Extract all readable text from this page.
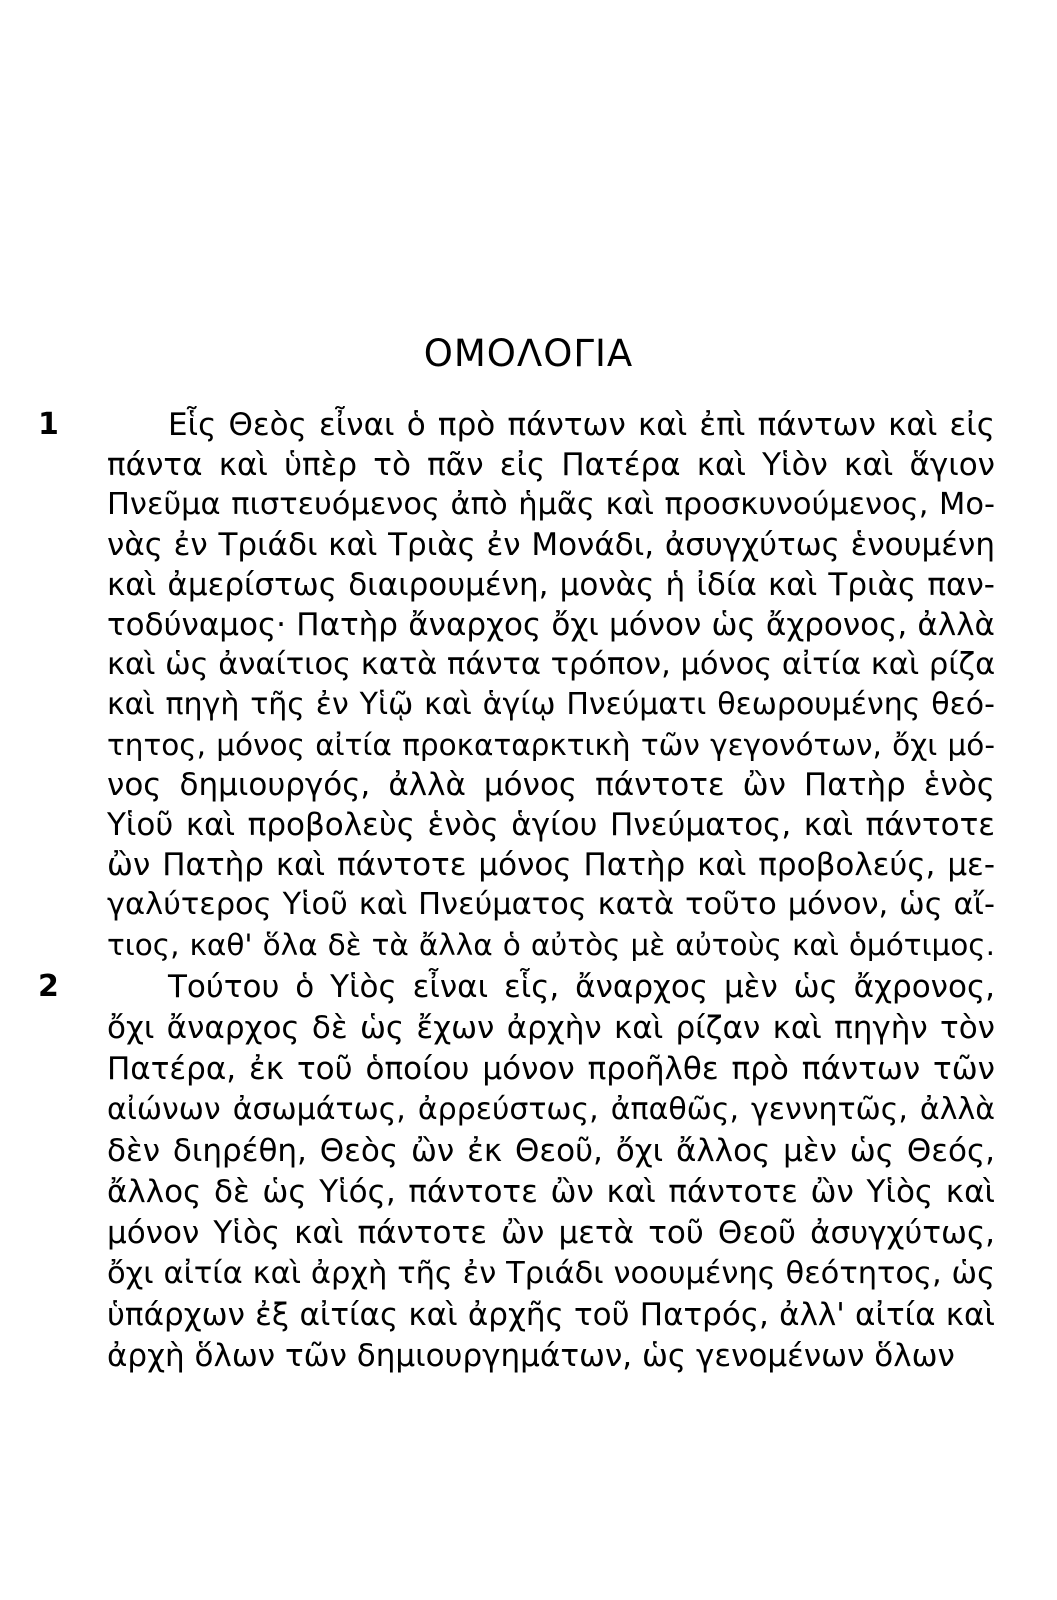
ΟΜΟΛΟΓΙΑ
1	Εἷς Θεὸς εἶναι ὁ πρὸ πάντων καὶ ἐπὶ πάντων καὶ εἰς
πάντα καὶ ὑπὲρ τὸ πᾶν εἰς Πατέρα καὶ Υἱὸν καὶ ἅγιον
Πνεῦμα πιστευόμενος ἀπὸ ἡμᾶς καὶ προσκυνούμενος, Μο-
νὰς ἐν Τριάδι καὶ Τριὰς ἐν Μονάδι, ἀσυγχύτως ἑνουμένη
καὶ ἀμερίστως διαιρουμένη, μονὰς ἡ ἰδία καὶ Τριὰς παν-
τοδύναμος· Πατὴρ ἄναρχος ὄχι μόνον ὡς ἄχρονος, ἀλλὰ
καὶ ὡς ἀναίτιος κατὰ πάντα τρόπον, μόνος αἰτία καὶ ρίζα
καὶ πηγὴ τῆς ἐν Υἱῷ καὶ ἁγίῳ Πνεύματι θεωρουμένης θεό-
τητος, μόνος αἰτία προκαταρκτικὴ τῶν γεγονότων, ὄχι μό-
νος δημιουργός, ἀλλὰ μόνος πάντοτε ὢν Πατὴρ ἑνὸς
Υἱοῦ καὶ προβολεὺς ἑνὸς ἁγίου Πνεύματος, καὶ πάντοτε
ὢν Πατὴρ καὶ πάντοτε μόνος Πατὴρ καὶ προβολεύς, με-
γαλύτερος Υἱοῦ καὶ Πνεύματος κατὰ τοῦτο μόνον, ὡς αἴ-
τιος, καθ' ὅλα δὲ τὰ ἄλλα ὁ αὐτὸς μὲ αὐτοὺς καὶ ὁμότιμος.
2	Τούτου ὁ Υἱὸς εἶναι εἷς, ἄναρχος μὲν ὡς ἄχρονος,
ὄχι ἄναρχος δὲ ὡς ἔχων ἀρχὴν καὶ ρίζαν καὶ πηγὴν τὸν
Πατέρα, ἐκ τοῦ ὁποίου μόνον προῆλθε πρὸ πάντων τῶν
αἰώνων ἀσωμάτως, ἀρρεύστως, ἀπαθῶς, γεννητῶς, ἀλλὰ
δὲν διηρέθη, Θεὸς ὢν ἐκ Θεοῦ, ὄχι ἄλλος μὲν ὡς Θεός,
ἄλλος δὲ ὡς Υἱός, πάντοτε ὢν καὶ πάντοτε ὢν Υἱὸς καὶ
μόνον Υἱὸς καὶ πάντοτε ὢν μετὰ τοῦ Θεοῦ ἀσυγχύτως,
ὄχι αἰτία καὶ ἀρχὴ τῆς ἐν Τριάδι νοουμένης θεότητος, ὡς
ὑπάρχων ἐξ αἰτίας καὶ ἀρχῆς τοῦ Πατρός, ἀλλ' αἰτία καὶ
ἀρχὴ ὅλων τῶν δημιουργημάτων, ὡς γενομένων ὅλων
